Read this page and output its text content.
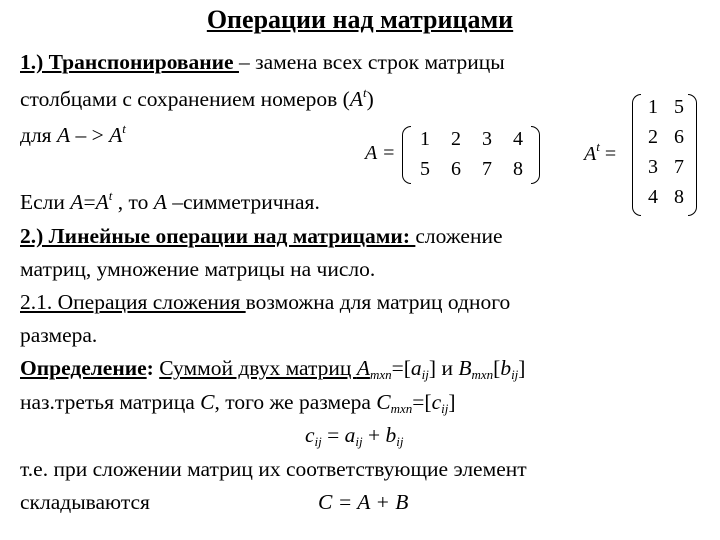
Операции над матрицами
1.) Транспонирование – замена всех строк матрицы
столбцами с сохранением номеров $(A^t)$
для A – > $A^t$
A =
1	2	3	4
5	6	7	8
$A^t$ =
1 5
2 6
3 7
4 8
Если $A=A^t$ , то A –симметричная.
2.) Линейные операции над матрицами: сложение
матриц, умножение матрицы на число.
2.1. Операция сложения возможна для матриц одного
размера.
Определение: Суммой двух матриц $A_{mxn}=[a_{ij}]$ и $B_{mxn}[b_{ij}]$
наз.третья матрица C, того же размера $C_{mxn}=[c_{ij}]$
$c_{ij} = a_{ij} + b_{ij}$
т.е. при сложении матриц их соответствующие элемент
складываются	C = A + B
